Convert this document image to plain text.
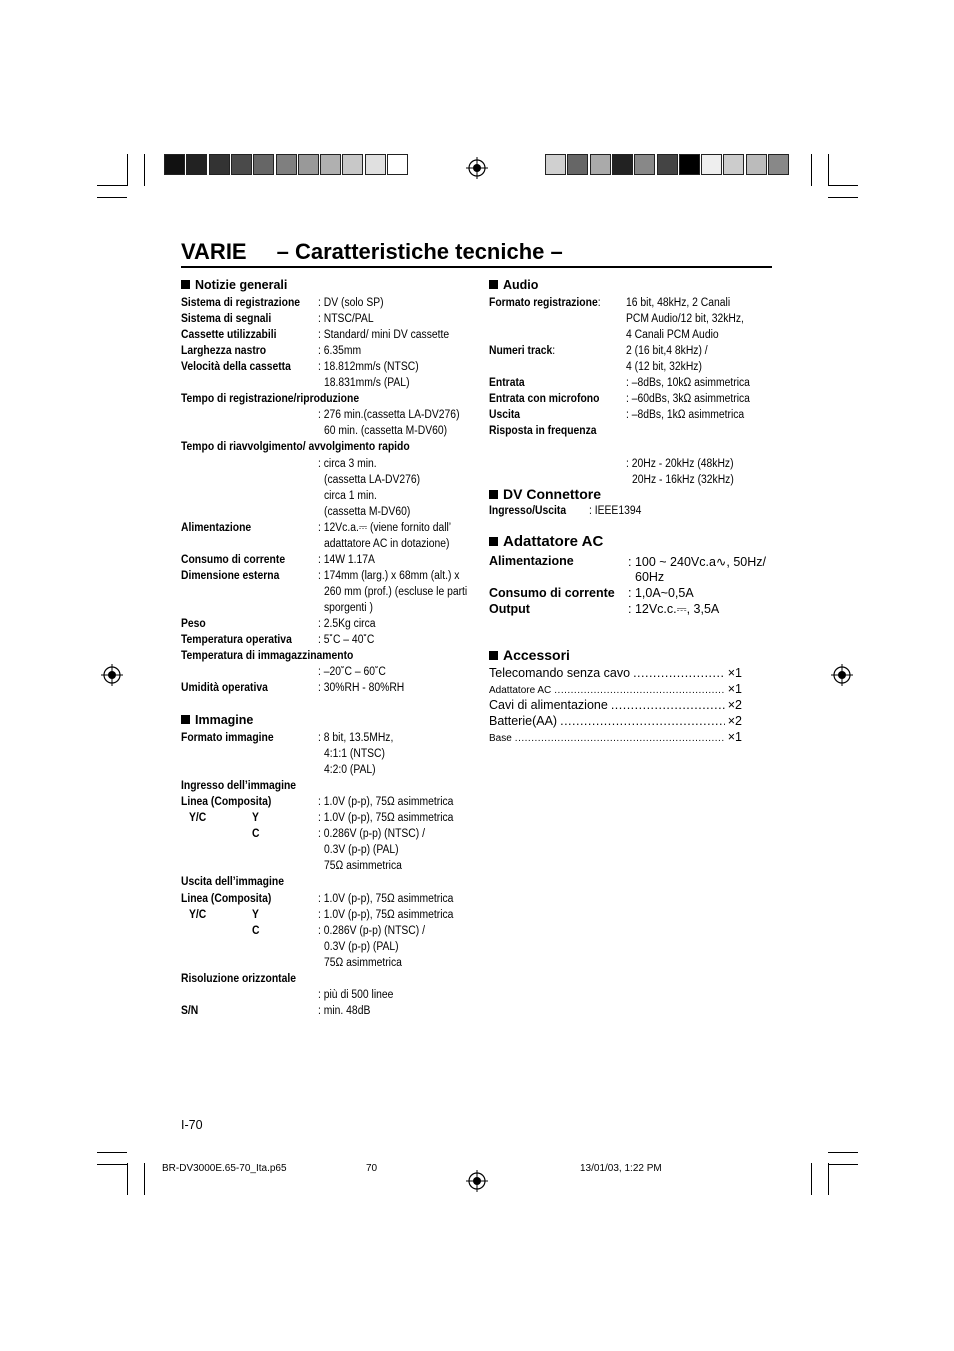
VARIE – Caratteristiche tecniche –
Notizie generali
Sistema di registrazione : DV (solo SP)
Sistema di segnali	: NTSC/PAL
Cassette utilizzabili	: Standard/ mini DV cassette
Larghezza nastro	: 6.35mm
Velocità della cassetta : 18.812mm/s (NTSC)
18.831mm/s (PAL)
Tempo di registrazione/riproduzione
: 276 min.(cassetta LA-DV276)
60 min. (cassetta M-DV60)
Tempo di riavvolgimento/ avvolgimento rapido
: circa 3 min.
(cassetta LA-DV276)
circa 1 min.
(cassetta M-DV60)
Alimentazione	: 12Vc.a.⎓ (viene fornito dall’
adattatore AC in dotazione)
Consumo di corrente	: 14W 1.17A
Dimensione esterna	: 174mm (larg.) x 68mm (alt.) x
260 mm (prof.) (escluse le parti
sporgenti )
Peso	: 2.5Kg circa
Temperatura operativa : 5˚C – 40˚C
Temperatura di immagazzinamento
: –20˚C – 60˚C
Umidità operativa	: 30%RH - 80%RH
Immagine
Formato immagine	: 8 bit, 13.5MHz,
4:1:1 (NTSC)
4:2:0 (PAL)
Ingresso dell’immagine
Linea (Composita)	: 1.0V (p-p), 75Ω asimmetrica
Y/C	Y	: 1.0V (p-p), 75Ω asimmetrica
C	: 0.286V (p-p) (NTSC) /
0.3V (p-p) (PAL)
75Ω asimmetrica
Uscita dell’immagine
Linea (Composita)	: 1.0V (p-p), 75Ω asimmetrica
Y/C	Y	: 1.0V (p-p), 75Ω asimmetrica
C	: 0.286V (p-p) (NTSC) /
0.3V (p-p) (PAL)
75Ω asimmetrica
Risoluzione orizzontale
: più di 500 linee
S/N	: min. 48dB
Audio
Formato registrazione: 16 bit, 48kHz, 2 Canali
PCM Audio/12 bit, 32kHz,
4 Canali PCM Audio
Numeri track:	2 (16 bit,4 8kHz) /
4 (12 bit, 32kHz)
Entrata	: –8dBs, 10kΩ asimmetrica
Entrata con microfono : –60dBs, 3kΩ asimmetrica
Uscita	: –8dBs, 1kΩ asimmetrica
Risposta in frequenza
: 20Hz - 20kHz (48kHz)
20Hz - 16kHz (32kHz)
DV Connettore
Ingresso/Uscita : IEEE1394
Adattatore AC
Alimentazione	: 100 ~ 240Vc.a∿, 50Hz/
60Hz
Consumo di corrente : 1,0A~0,5A
Output	: 12Vc.c.⎓, 3,5A
Accessori
Telecomando senza cavo .....	×1
Adattatore AC .....	×1
Cavi di alimentazione .....	×2
Batterie(AA) .....	×2
Base .....	×1
I-70
BR-DV3000E.65-70_Ita.p65	70	13/01/03, 1:22 PM
